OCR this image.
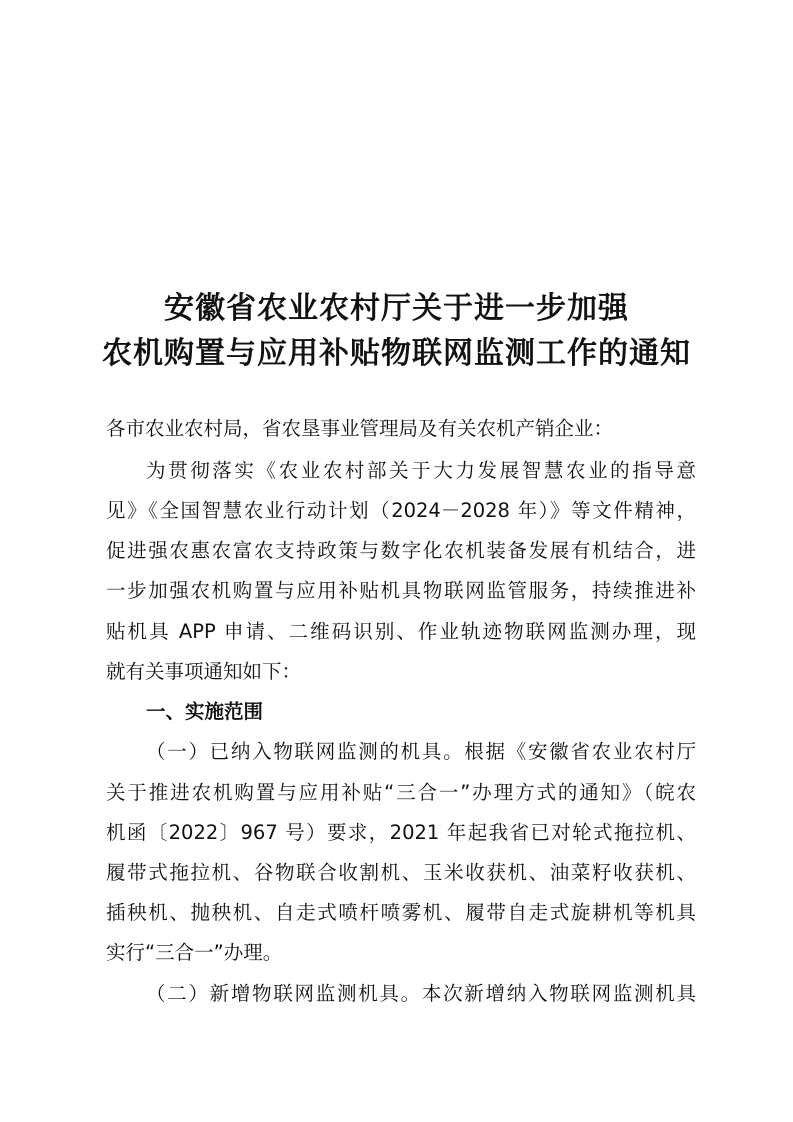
安徽省农业农村厅关于进一步加强
农机购置与应用补贴物联网监测工作的通知
各市农业农村局，省农垦事业管理局及有关农机产销企业：
为贯彻落实《农业农村部关于大力发展智慧农业的指导意
见》《全国智慧农业行动计划（2024－2028 年）》等文件精神，
促进强农惠农富农支持政策与数字化农机装备发展有机结合，进
一步加强农机购置与应用补贴机具物联网监管服务，持续推进补
贴机具 APP 申请、二维码识别、作业轨迹物联网监测办理，现
就有关事项通知如下：
一、实施范围
（一）已纳入物联网监测的机具。根据《安徽省农业农村厅
关于推进农机购置与应用补贴“三合一”办理方式的通知》（皖农
机函〔2022〕967 号）要求，2021 年起我省已对轮式拖拉机、
履带式拖拉机、谷物联合收割机、玉米收获机、油菜籽收获机、
插秧机、抛秧机、自走式喷杆喷雾机、履带自走式旋耕机等机具
实行“三合一”办理。
（二）新增物联网监测机具。本次新增纳入物联网监测机具
